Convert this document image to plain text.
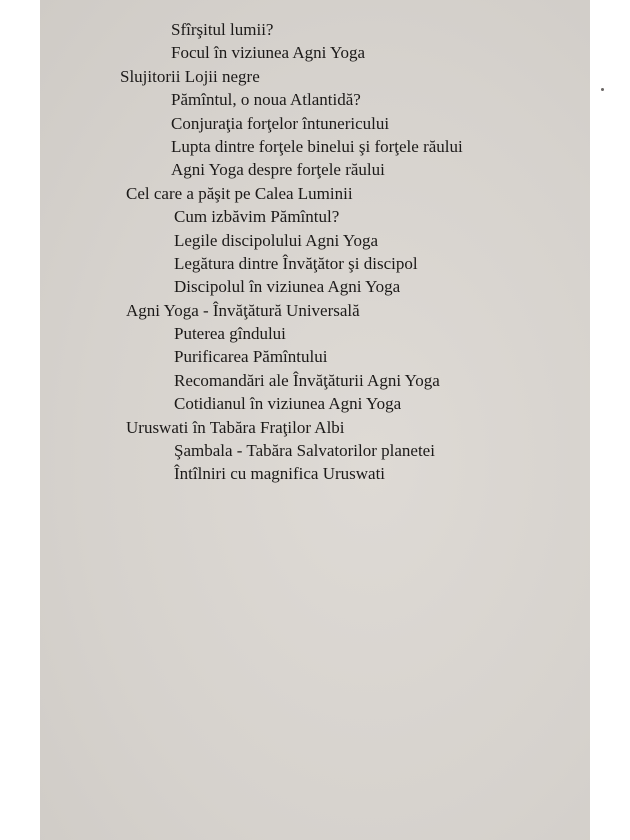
Sfîrşitul lumii?
Focul în viziunea Agni Yoga
Slujitorii Lojii negre
Pămîntul, o noua Atlantidă?
Conjuraţia forţelor întunericului
Lupta dintre forţele binelui şi forţele răului
Agni Yoga despre forţele răului
Cel care a păşit pe Calea Luminii
Cum izbăvim Pămîntul?
Legile discipolului Agni Yoga
Legătura dintre Învăţător şi discipol
Discipolul în viziunea Agni Yoga
Agni Yoga - Învăţătură Universală
Puterea gîndului
Purificarea Pămîntului
Recomandări ale Învăţăturii Agni Yoga
Cotidianul în viziunea Agni Yoga
Uruswati în Tabăra Fraţilor Albi
Şambala - Tabăra Salvatorilor planetei
Întîlniri cu magnifica Uruswati
